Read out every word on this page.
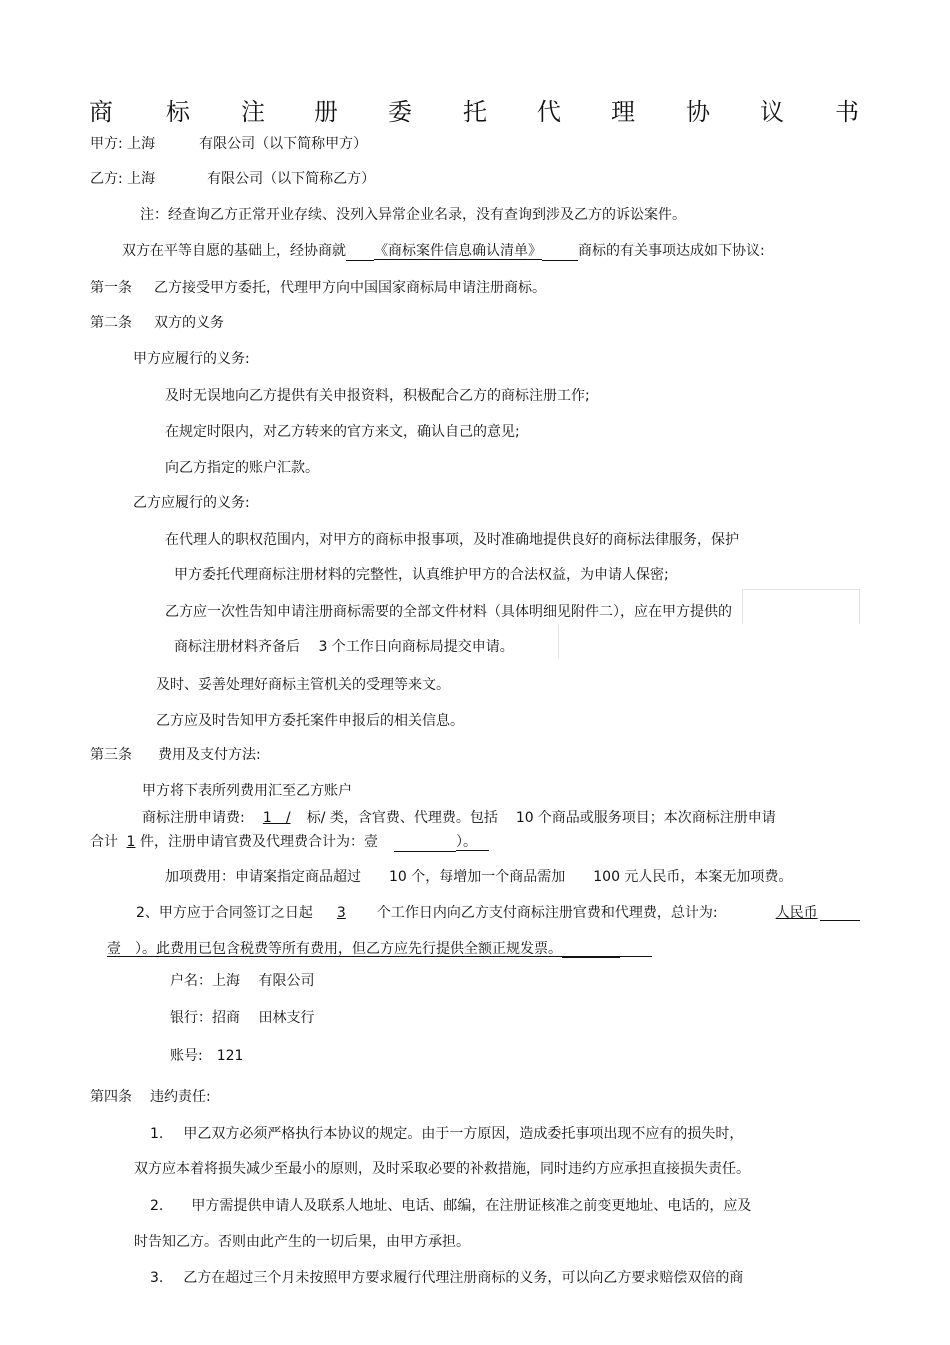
商 标 注 册 委 托 代 理 协 议 书
甲方: 上海	有限公司（以下简称甲方）
乙方: 上海	有限公司（以下简称乙方）
注：经查询乙方正常开业存续、没列入异常企业名录，没有查询到涉及乙方的诉讼案件。
双方在平等自愿的基础上，经协商就 《商标案件信息确认清单》	商标的有关事项达成如下协议:
第一条 乙方接受甲方委托，代理甲方向中国国家商标局申请注册商标。
第二条 双方的义务
甲方应履行的义务:
及时无误地向乙方提供有关申报资料，积极配合乙方的商标注册工作;
在规定时限内，对乙方转来的官方来文，确认自己的意见;
向乙方指定的账户汇款。
乙方应履行的义务:
在代理人的职权范围内，对甲方的商标申报事项，及时准确地提供良好的商标法律服务，保护
甲方委托代理商标注册材料的完整性，认真维护甲方的合法权益，为申请人保密;
乙方应一次性告知申请注册商标需要的全部文件材料（具体明细见附件二），应在甲方提供的
商标注册材料齐备后　 3 个工作日向商标局提交申请。
及时、妥善处理好商标主管机关的受理等来文。
乙方应及时告知甲方委托案件申报后的相关信息。
第三条 费用及支付方法:
甲方将下表所列费用汇至乙方账户
商标注册申请费: 1　/ 标/ 类，含官费、代理费。包括 10 个商品或服务项目；本次商标注册申请
合计 1 件，注册申请官费及代理费合计为：壹	）。
加项费用：申请案指定商品超过　　10 个，每增加一个商品需加　　100 元人民币，本案无加项费。
2、甲方应于合同签订之日起 3 个工作日内向乙方支付商标注册官费和代理费，总计为:	人民币
壹　）。此费用已包含税费等所有费用，但乙方应先行提供全额正规发票。
户名：上海　 有限公司
银行：招商　 田林支行
账号:　121
第四条 违约责任:
1. 甲乙双方必须严格执行本协议的规定。由于一方原因，造成委托事项出现不应有的损失时，
双方应本着将损失减少至最小的原则，及时采取必要的补救措施，同时违约方应承担直接损失责任。
2. 甲方需提供申请人及联系人地址、电话、邮编，在注册证核准之前变更地址、电话的，应及
时告知乙方。否则由此产生的一切后果，由甲方承担。
3. 乙方在超过三个月未按照甲方要求履行代理注册商标的义务，可以向乙方要求赔偿双倍的商
